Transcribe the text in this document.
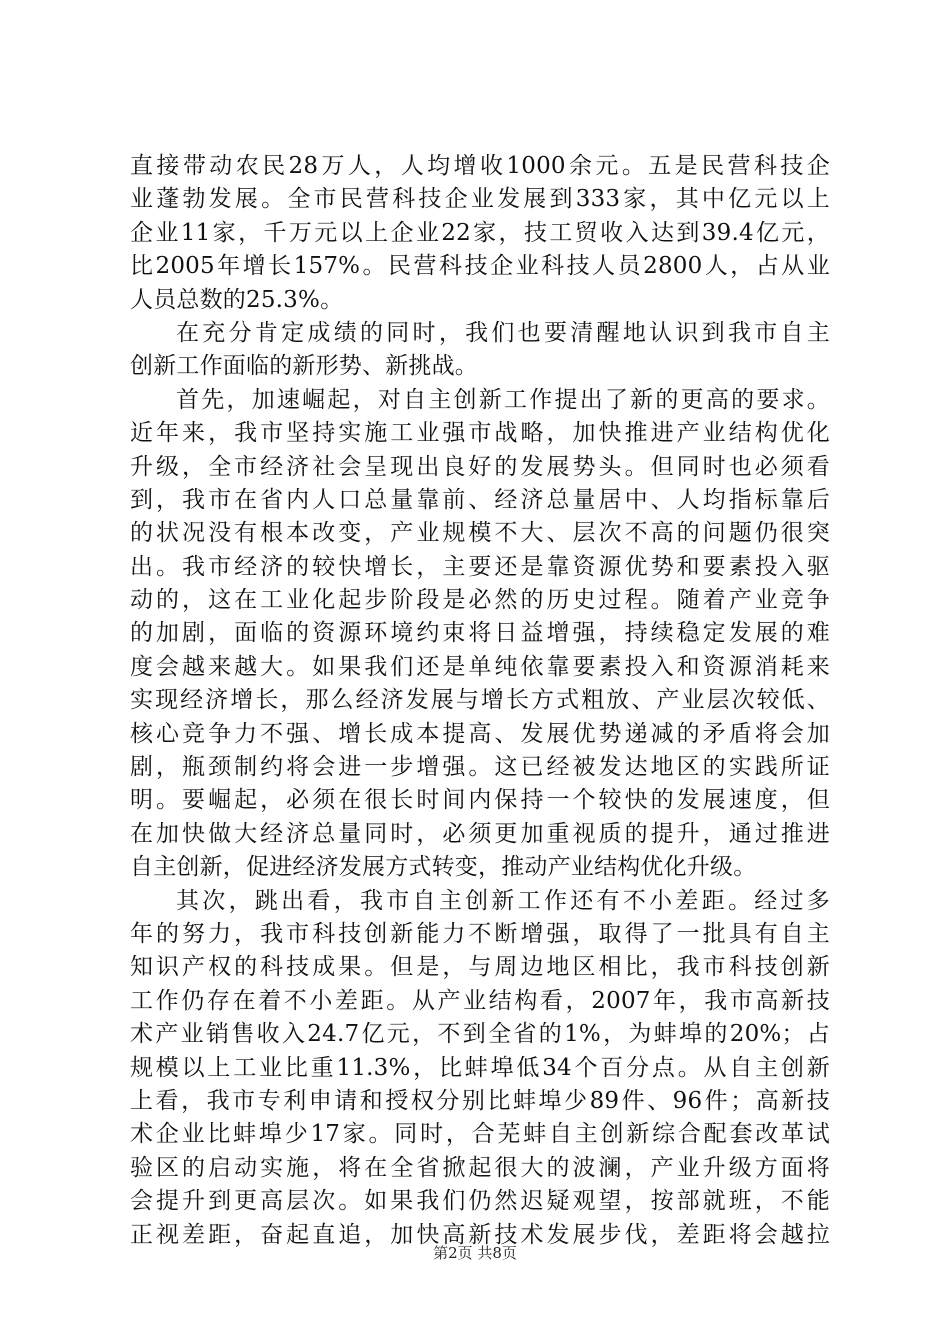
直接带动农民28万人，人均增收1000余元。五是民营科技企
业蓬勃发展。全市民营科技企业发展到333家，其中亿元以上
企业11家，千万元以上企业22家，技工贸收入达到39.4亿元，
比2005年增长157%。民营科技企业科技人员2800人，占从业
人员总数的25.3%。
在充分肯定成绩的同时，我们也要清醒地认识到我市自主
创新工作面临的新形势、新挑战。
首先，加速崛起，对自主创新工作提出了新的更高的要求。
近年来，我市坚持实施工业强市战略，加快推进产业结构优化
升级，全市经济社会呈现出良好的发展势头。但同时也必须看
到，我市在省内人口总量靠前、经济总量居中、人均指标靠后
的状况没有根本改变，产业规模不大、层次不高的问题仍很突
出。我市经济的较快增长，主要还是靠资源优势和要素投入驱
动的，这在工业化起步阶段是必然的历史过程。随着产业竞争
的加剧，面临的资源环境约束将日益增强，持续稳定发展的难
度会越来越大。如果我们还是单纯依靠要素投入和资源消耗来
实现经济增长，那么经济发展与增长方式粗放、产业层次较低、
核心竞争力不强、增长成本提高、发展优势递减的矛盾将会加
剧，瓶颈制约将会进一步增强。这已经被发达地区的实践所证
明。要崛起，必须在很长时间内保持一个较快的发展速度，但
在加快做大经济总量同时，必须更加重视质的提升，通过推进
自主创新，促进经济发展方式转变，推动产业结构优化升级。
其次，跳出看，我市自主创新工作还有不小差距。经过多
年的努力，我市科技创新能力不断增强，取得了一批具有自主
知识产权的科技成果。但是，与周边地区相比，我市科技创新
工作仍存在着不小差距。从产业结构看，2007年，我市高新技
术产业销售收入24.7亿元，不到全省的1%，为蚌埠的20%；占
规模以上工业比重11.3%，比蚌埠低34个百分点。从自主创新
上看，我市专利申请和授权分别比蚌埠少89件、96件；高新技
术企业比蚌埠少17家。同时，合芜蚌自主创新综合配套改革试
验区的启动实施，将在全省掀起很大的波澜，产业升级方面将
会提升到更高层次。如果我们仍然迟疑观望，按部就班，不能
正视差距，奋起直追，加快高新技术发展步伐，差距将会越拉
第2页 共8页
